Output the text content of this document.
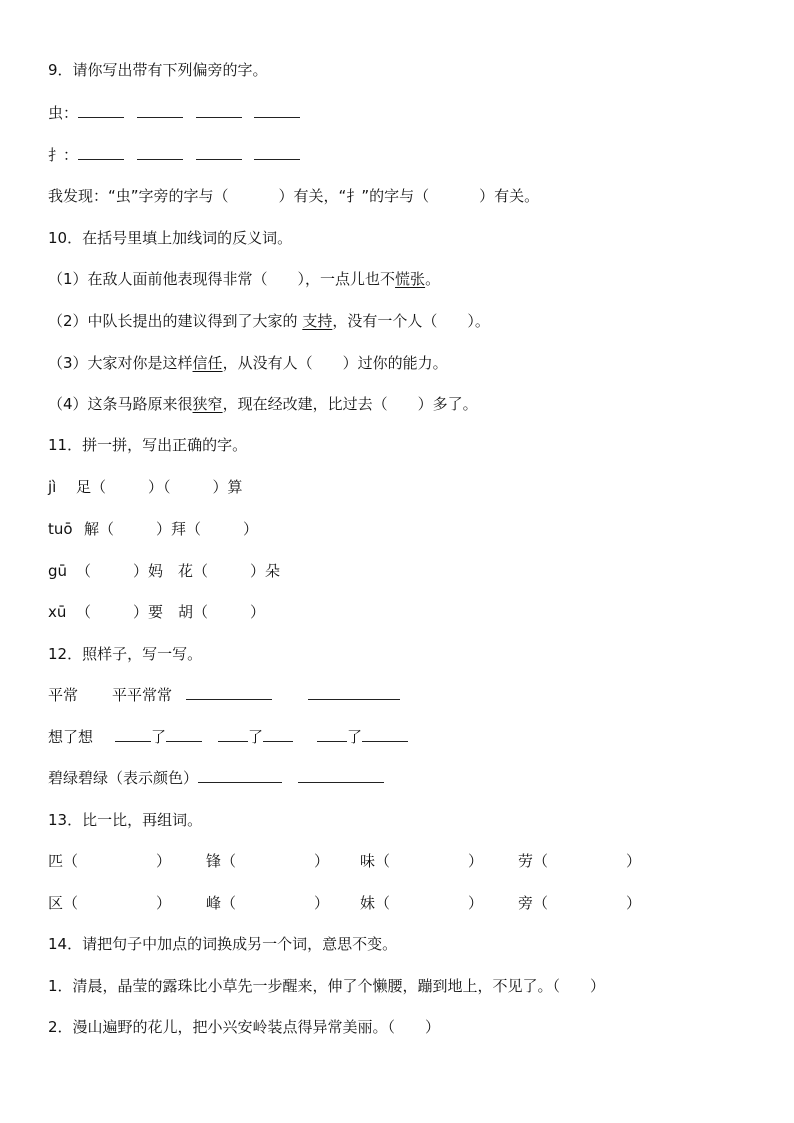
9．请你写出带有下列偏旁的字。
虫：
扌：
我发现：“虫”字旁的字与（	）有关，“扌”的字与（	）有关。
10．在括号里填上加线词的反义词。
（1）在敌人面前他表现得非常（　　），一点儿也不慌张。
（2）中队长提出的建议得到了大家的 支持，没有一个人（　　）。
（3）大家对你是这样信任，从没有人（　　）过你的能力。
（4）这条马路原来很狭窄，现在经改建，比过去（　　）多了。
11．拼一拼，写出正确的字。
jì 足（	）（	）算
tuō 解（	）拜（	）
gū （	）妈　花（	）朵
xū （	）要　胡（	）
12．照样子，写一写。
平常 平平常常
想了想	了	了	了
碧绿碧绿（表示颜色）
13．比一比，再组词。
匹（	） 锋（	） 味（	） 劳（	）
区（	） 峰（	） 妹（	） 旁（	）
14．请把句子中加点的词换成另一个词，意思不变。
1．清晨，晶莹的露珠比小草先一步醒来，伸了个懒腰，蹦到地上，不见了。（　　）
2．漫山遍野的花儿，把小兴安岭装点得异常美丽。（　　）
